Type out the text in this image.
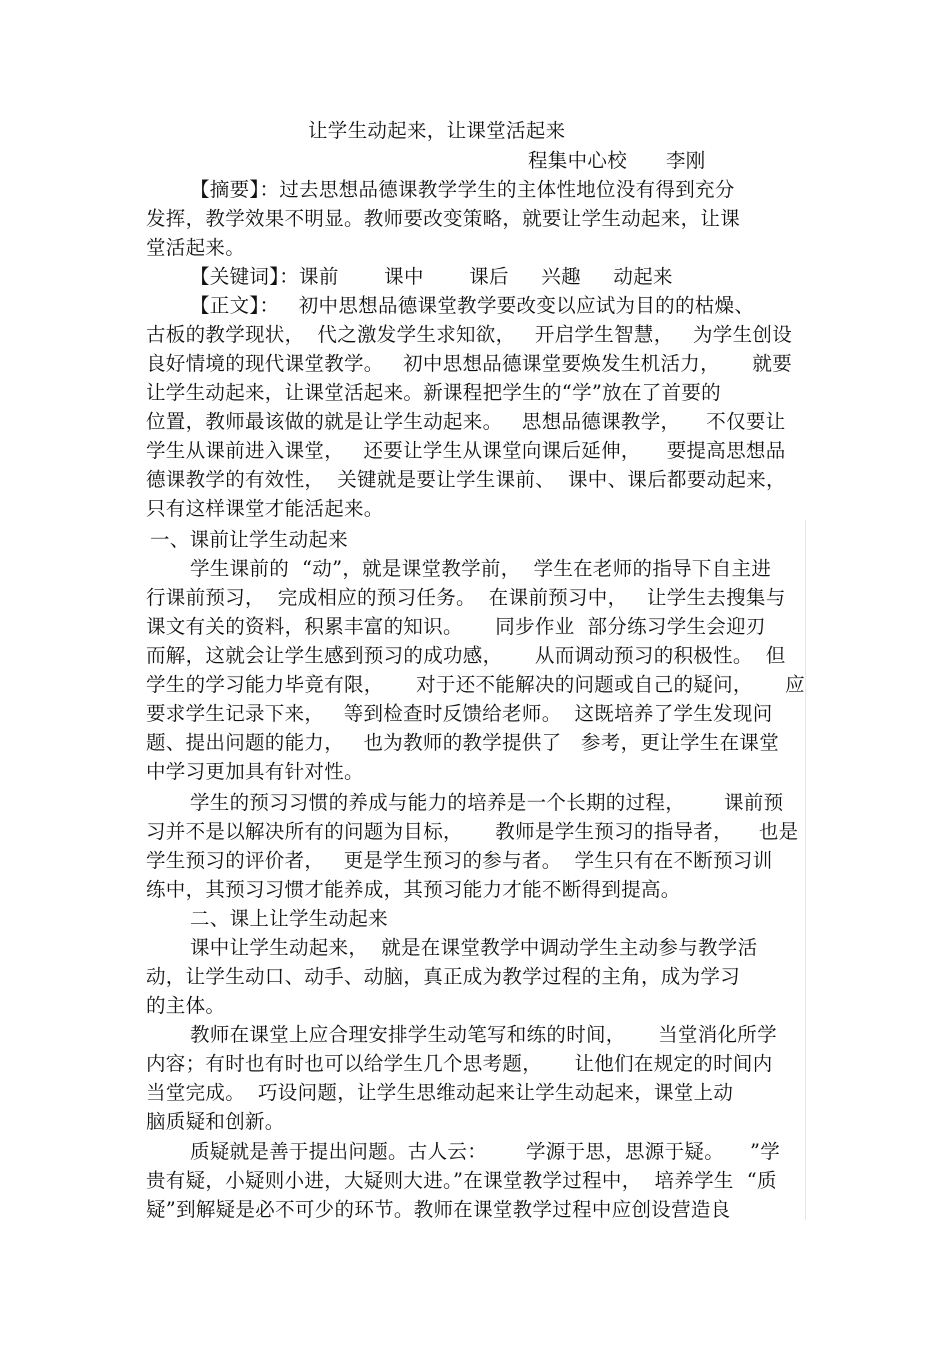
让学生动起来，让课堂活起来
程集中心校      李刚
【摘要】：过去思想品德课教学学生的主体性地位没有得到充分
发挥，教学效果不明显。教师要改变策略，就要让学生动起来，让课
堂活起来。
【关键词】：课前       课中       课后     兴趣     动起来
【正文】：   初中思想品德课堂教学要改变以应试为目的的枯燥、
古板的教学现状，  代之激发学生求知欲，   开启学生智慧，   为学生创设
良好情境的现代课堂教学。   初中思想品德课堂要焕发生机活力，     就要
让学生动起来，让课堂活起来。新课程把学生的“学”放在了首要的
位置，教师最该做的就是让学生动起来。   思想品德课教学，    不仅要让
学生从课前进入课堂，   还要让学生从课堂向课后延伸，    要提高思想品
德课教学的有效性，  关键就是要让学生课前、  课中、课后都要动起来，
只有这样课堂才能活起来。
一、课前让学生动起来
学生课前的  “动”，就是课堂教学前，  学生在老师的指导下自主进
行课前预习，  完成相应的预习任务。  在课前预习中，   让学生去搜集与
课文有关的资料，积累丰富的知识。     同步作业  部分练习学生会迎刃
而解，这就会让学生感到预习的成功感，     从而调动预习的积极性。  但
学生的学习能力毕竟有限，     对于还不能解决的问题或自己的疑问，     应
要求学生记录下来，   等到检查时反馈给老师。  这既培养了学生发现问
题、提出问题的能力，   也为教师的教学提供了   参考，更让学生在课堂
中学习更加具有针对性。
学生的预习习惯的养成与能力的培养是一个长期的过程，      课前预
习并不是以解决所有的问题为目标，     教师是学生预习的指导者，    也是
学生预习的评价者，   更是学生预习的参与者。  学生只有在不断预习训
练中，其预习习惯才能养成，其预习能力才能不断得到提高。
二、课上让学生动起来
课中让学生动起来，  就是在课堂教学中调动学生主动参与教学活
动，让学生动口、动手、动脑，真正成为教学过程的主角，成为学习
的主体。
教师在课堂上应合理安排学生动笔写和练的时间，     当堂消化所学
内容；有时也有时也可以给学生几个思考题，     让他们在规定的时间内
当堂完成。  巧设问题，让学生思维动起来让学生动起来，课堂上动
脑质疑和创新。
质疑就是善于提出问题。古人云：      学源于思，思源于疑。    ”学
贵有疑，小疑则小进，大疑则大进。”在课堂教学过程中，  培养学生  “质
疑”到解疑是必不可少的环节。教师在课堂教学过程中应创设营造良
